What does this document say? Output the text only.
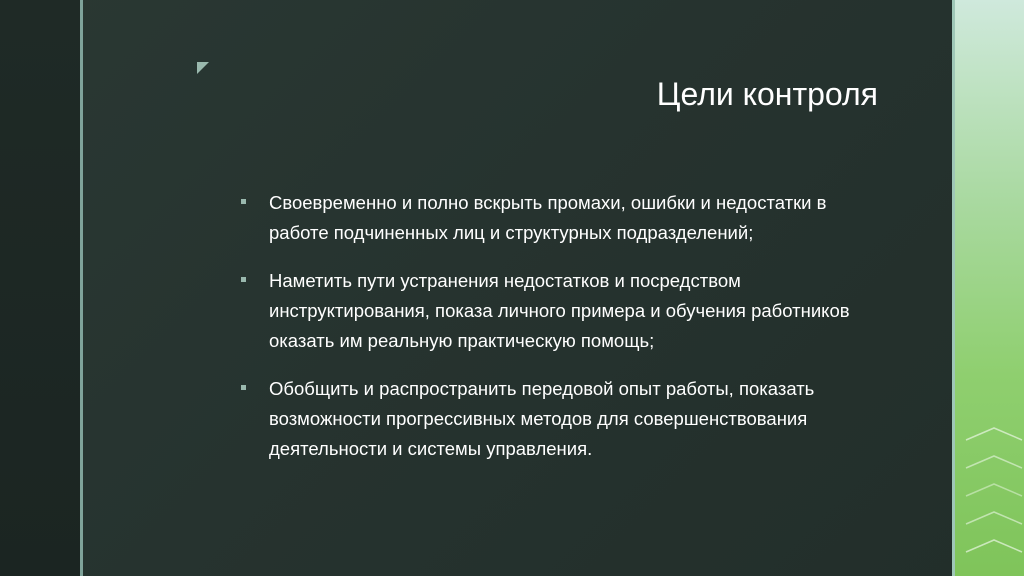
Цели контроля
Своевременно и полно вскрыть промахи, ошибки и недостатки в работе подчиненных лиц и структурных подразделений;
Наметить пути устранения недостатков и посредством инструктирования, показа личного примера и обучения работников оказать им реальную практическую помощь;
Обобщить и распространить передовой опыт работы, показать возможности прогрессивных методов для совершенствования деятельности и системы управления.
